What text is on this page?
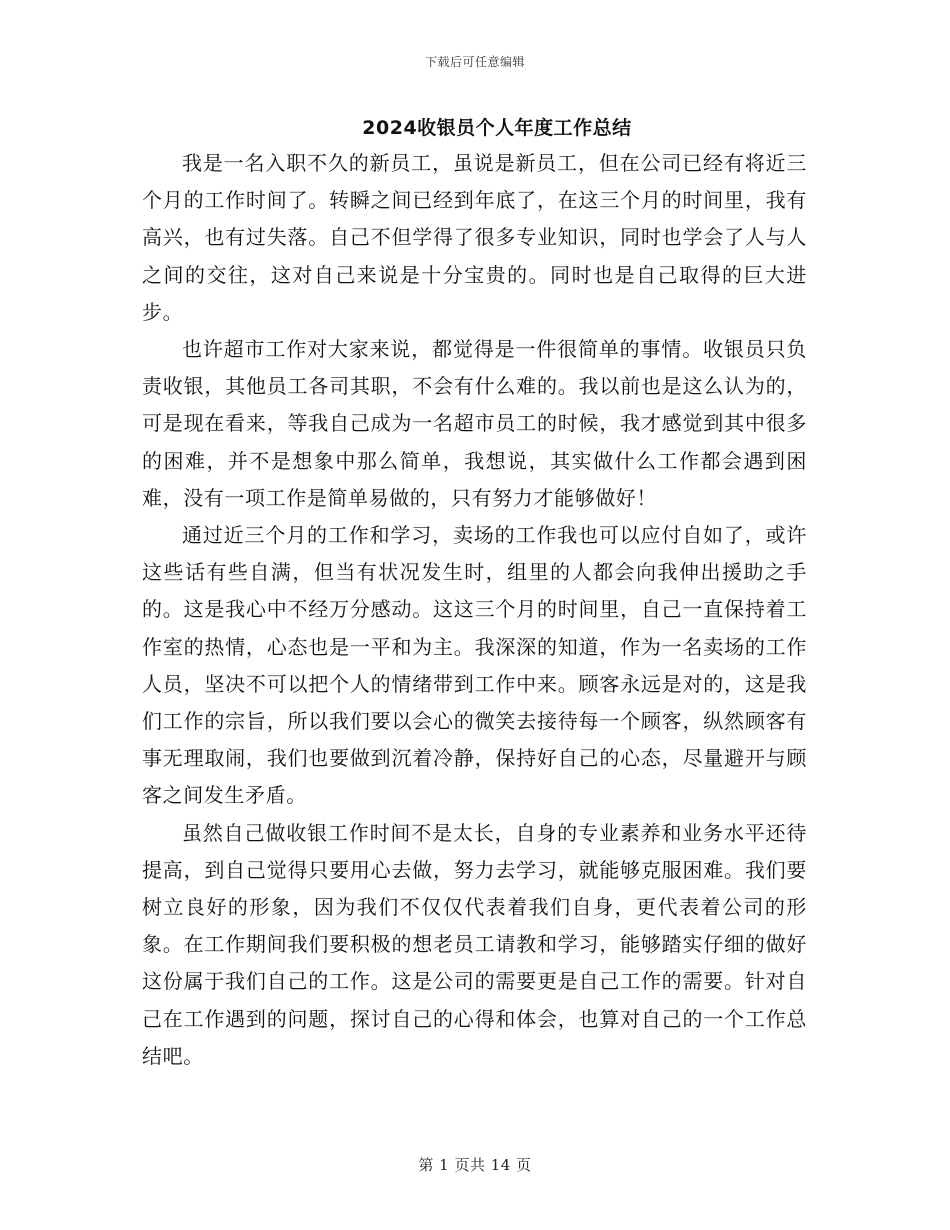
下载后可任意编辑
2024收银员个人年度工作总结

我是一名入职不久的新员工，虽说是新员工，但在公司已经有将近三个月的工作时间了。转瞬之间已经到年底了，在这三个月的时间里，我有高兴，也有过失落。自己不但学得了很多专业知识，同时也学会了人与人之间的交往，这对自己来说是十分宝贵的。同时也是自己取得的巨大进步。

也许超市工作对大家来说，都觉得是一件很简单的事情。收银员只负责收银，其他员工各司其职，不会有什么难的。我以前也是这么认为的，可是现在看来，等我自己成为一名超市员工的时候，我才感觉到其中很多的困难，并不是想象中那么简单，我想说，其实做什么工作都会遇到困难，没有一项工作是简单易做的，只有努力才能够做好！

通过近三个月的工作和学习，卖场的工作我也可以应付自如了，或许这些话有些自满，但当有状况发生时，组里的人都会向我伸出援助之手的。这是我心中不经万分感动。这这三个月的时间里，自己一直保持着工作室的热情，心态也是一平和为主。我深深的知道，作为一名卖场的工作人员，坚决不可以把个人的情绪带到工作中来。顾客永远是对的，这是我们工作的宗旨，所以我们要以会心的微笑去接待每一个顾客，纵然顾客有事无理取闹，我们也要做到沉着冷静，保持好自己的心态，尽量避开与顾客之间发生矛盾。

虽然自己做收银工作时间不是太长，自身的专业素养和业务水平还待提高，到自己觉得只要用心去做，努力去学习，就能够克服困难。我们要树立良好的形象，因为我们不仅仅代表着我们自身，更代表着公司的形象。在工作期间我们要积极的想老员工请教和学习，能够踏实仔细的做好这份属于我们自己的工作。这是公司的需要更是自己工作的需要。针对自己在工作遇到的问题，探讨自己的心得和体会，也算对自己的一个工作总结吧。

第 1 页共 14 页
